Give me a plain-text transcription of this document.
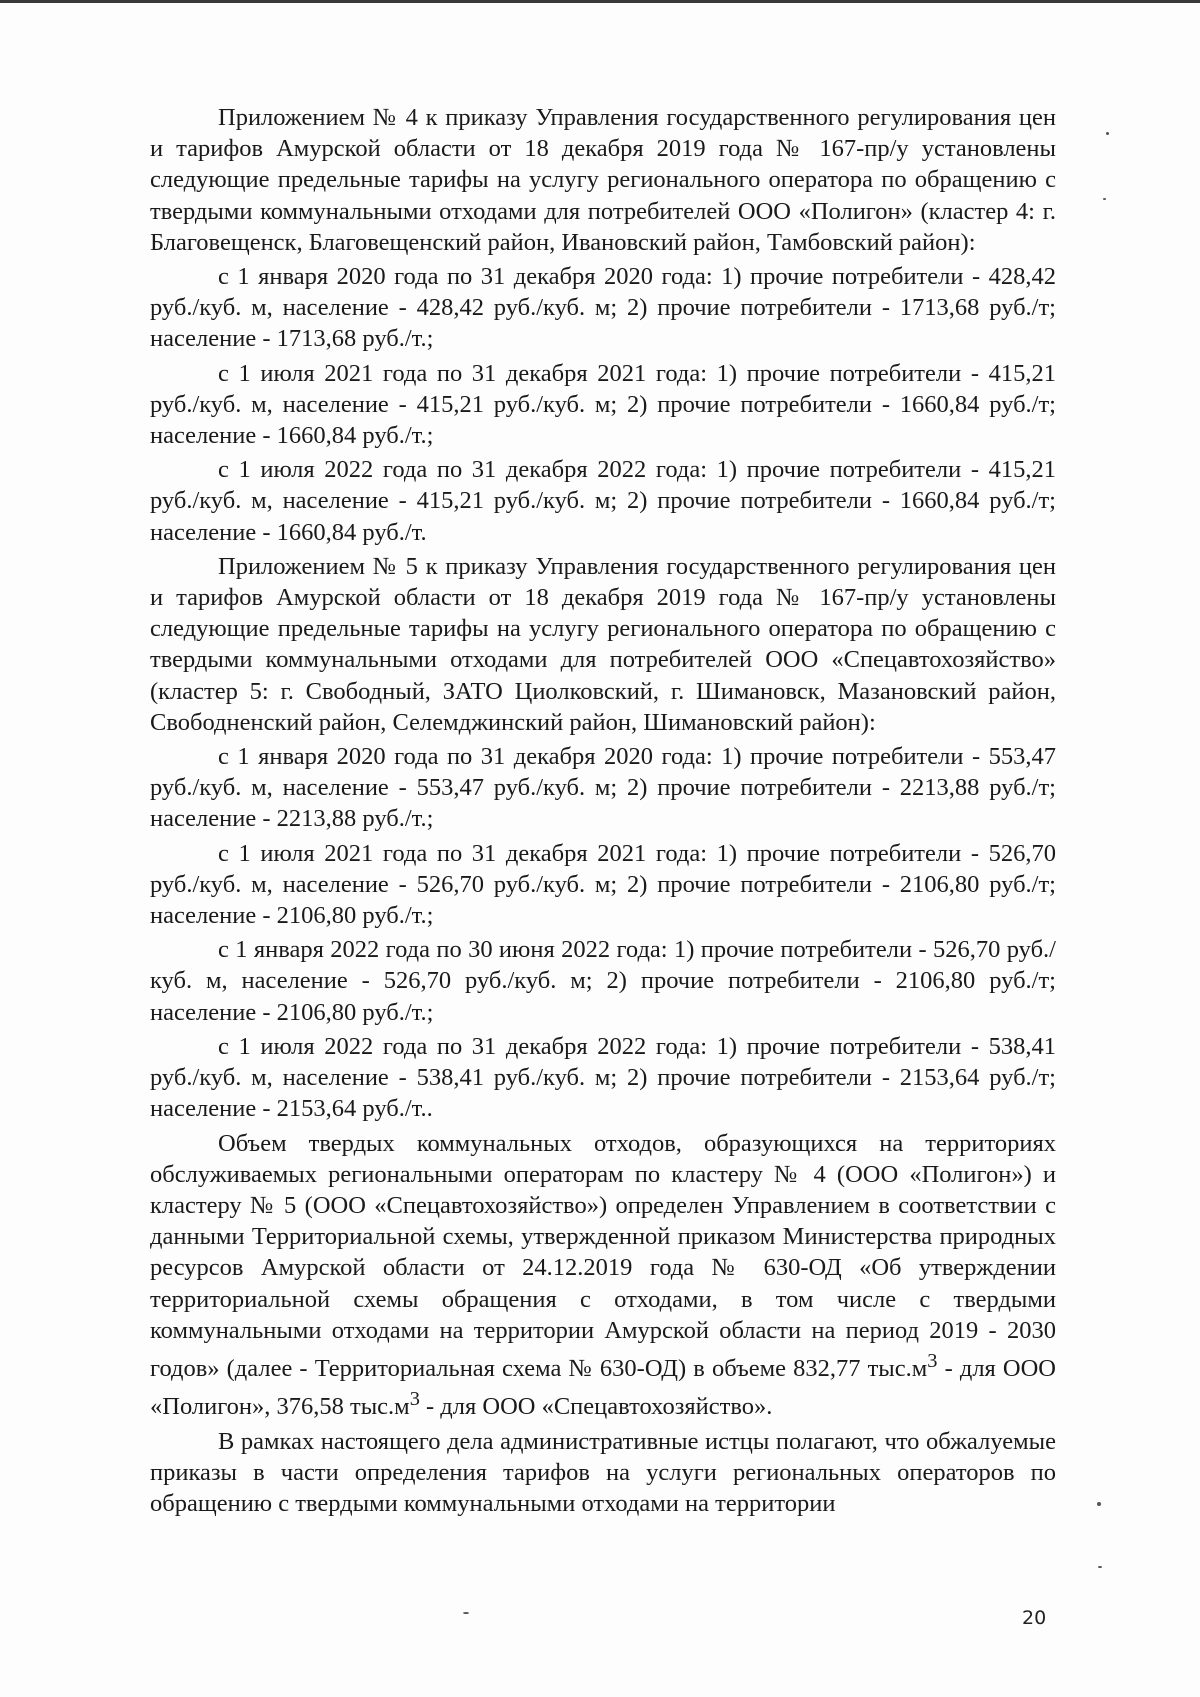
Приложением № 4 к приказу Управления государственного регулирования цен и тарифов Амурской области от 18 декабря 2019 года № 167-пр/у установлены следующие предельные тарифы на услугу регионального оператора по обращению с твердыми коммунальными отходами для потребителей ООО «Полигон» (кластер 4: г. Благовещенск, Благовещенский район, Ивановский район, Тамбовский район):

с 1 января 2020 года по 31 декабря 2020 года: 1) прочие потребители - 428,42 руб./куб. м, население - 428,42 руб./куб. м; 2) прочие потребители - 1713,68 руб./т; население - 1713,68 руб./т.;

с 1 июля 2021 года по 31 декабря 2021 года: 1) прочие потребители - 415,21 руб./куб. м, население - 415,21 руб./куб. м; 2) прочие потребители - 1660,84 руб./т; население - 1660,84 руб./т.;

с 1 июля 2022 года по 31 декабря 2022 года: 1) прочие потребители - 415,21 руб./куб. м, население - 415,21 руб./куб. м; 2) прочие потребители - 1660,84 руб./т; население - 1660,84 руб./т.

Приложением № 5 к приказу Управления государственного регулирования цен и тарифов Амурской области от 18 декабря 2019 года № 167-пр/у установлены следующие предельные тарифы на услугу регионального оператора по обращению с твердыми коммунальными отходами для потребителей ООО «Спецавтохозяйство» (кластер 5: г. Свободный, ЗАТО Циолковский, г. Шимановск, Мазановский район, Свободненский район, Селемджинский район, Шимановский район):

с 1 января 2020 года по 31 декабря 2020 года: 1) прочие потребители - 553,47 руб./куб. м, население - 553,47 руб./куб. м; 2) прочие потребители - 2213,88 руб./т; население - 2213,88 руб./т.;

с 1 июля 2021 года по 31 декабря 2021 года: 1) прочие потребители - 526,70 руб./куб. м, население - 526,70 руб./куб. м; 2) прочие потребители - 2106,80 руб./т; население - 2106,80 руб./т.;

с 1 января 2022 года по 30 июня 2022 года: 1) прочие потребители - 526,70 руб./куб. м, население - 526,70 руб./куб. м; 2) прочие потребители - 2106,80 руб./т; население - 2106,80 руб./т.;

с 1 июля 2022 года по 31 декабря 2022 года: 1) прочие потребители - 538,41 руб./куб. м, население - 538,41 руб./куб. м; 2) прочие потребители - 2153,64 руб./т; население - 2153,64 руб./т..

Объем твердых коммунальных отходов, образующихся на территориях обслуживаемых региональными операторам по кластеру № 4 (ООО «Полигон») и кластеру № 5 (ООО «Спецавтохозяйство») определен Управлением в соответствии с данными Территориальной схемы, утвержденной приказом Министерства природных ресурсов Амурской области от 24.12.2019 года № 630-ОД «Об утверждении территориальной схемы обращения с отходами, в том числе с твердыми коммунальными отходами на территории Амурской области на период 2019 - 2030 годов» (далее - Территориальная схема № 630-ОД) в объеме 832,77 $тыс.м^3$ - для ООО «Полигон», 376,58 $тыс.м^3$ - для ООО «Спецавтохозяйство».

В рамках настоящего дела административные истцы полагают, что обжалуемые приказы в части определения тарифов на услуги региональных операторов по обращению с твердыми коммунальными отходами на территории

20
